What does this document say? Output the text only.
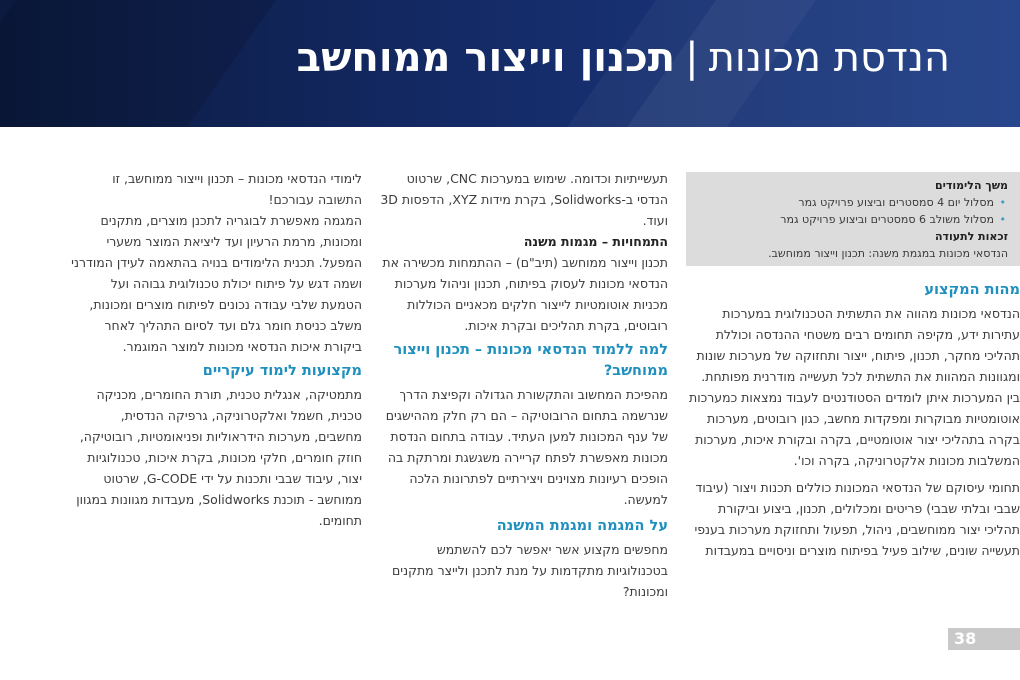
הנדסת מכונות|תכנון וייצור ממוחשב
משך הלימודים
• מסלול יום 4 סמסטרים וביצוע פרויקט גמר
• מסלול משולב 6 סמסטרים וביצוע פרויקט גמר
זכאות לתעודה
הנדסאי מכונות במגמת משנה: תכנון וייצור ממוחשב.
מהות המקצוע

הנדסאי מכונות מהווה את התשתית הטכנולוגית במערכות עתירות ידע, מקיפה תחומים רבים משטחי ההנדסה וכוללת תהליכי מחקר, תכנון, פיתוח, ייצור ותחזוקה של מערכות שונות ומגוונות המהוות את התשתית לכל תעשייה מודרנית מפותחת. בין המערכות איתן לומדים הסטודנטים לעבוד נמצאות כמערכות אוטומטיות מבוקרות ומפקדות מחשב, כגון רובוטים, מערכות בקרה בתהליכי יצור אוטומטיים, בקרה ובקורת איכות, מערכות המשלבות מכונות אלקטרוניקה, בקרה וכו'.

תחומי עיסוקם של הנדסאי המכונות כוללים תכנות ויצור (עיבוד שבבי ובלתי שבבי) פריטים ומכלולים, תכנון, ביצוע וביקורת תהליכי יצור ממוחשבים, ניהול, תפעול ותחזוקת מערכות בענפי תעשייה שונים, שילוב פעיל בפיתוח מוצרים וניסויים במעבדות

תעשייתיות וכדומה. שימוש במערכות CNC, שרטוט הנדסי ב-Solidworks, בקרת מידות XYZ, הדפסות 3D ועוד.

התמחויות – מגמות משנה

תכנון וייצור ממוחשב (תיב"ם) – ההתמחות מכשירה את הנדסאי מכונות לעסוק בפיתוח, תכנון וניהול מערכות מכניות אוטומטיות לייצור חלקים מכאניים הכוללות רובוטים, בקרת תהליכים ובקרת איכות.

למה ללמוד הנדסאי מכונות – תכנון וייצור ממוחשב?

מהפיכת המחשוב והתקשורת הגדולה וקפיצת הדרך שנרשמה בתחום הרובוטיקה – הם רק חלק מההישגים של ענף המכונות למען העתיד. עבודה בתחום הנדסת מכונות מאפשרת לפתח קריירה משגשגת ומרתקת בה הופכים רעיונות מצוינים ויצירתיים לפתרונות הלכה למעשה.

על המגמה ומגמת המשנה

מחפשים מקצוע אשר יאפשר לכם להשתמש בטכנולוגיות מתקדמות על מנת לתכנן ולייצר מתקנים ומכונות?

לימודי הנדסאי מכונות – תכנון וייצור ממוחשב, זו התשובה עבורכם!

המגמה מאפשרת לבוגריה לתכנן מוצרים, מתקנים ומכונות, מרמת הרעיון ועד ליציאת המוצר משערי המפעל. תכנית הלימודים בנויה בהתאמה לעידן המודרני ושמה דגש על פיתוח יכולת טכנולוגית גבוהה ועל הטמעת שלבי עבודה נכונים לפיתוח מוצרים ומכונות, משלב כניסת חומר גלם ועד לסיום התהליך לאחר ביקורת איכות הנדסאי מכונות למוצר המוגמר.

מקצועות לימוד עיקריים

מתמטיקה, אנגלית טכנית, תורת החומרים, מכניקה טכנית, חשמל ואלקטרוניקה, גרפיקה הנדסית, מחשבים, מערכות הידראוליות ופניאומטיות, רובוטיקה, חוזק חומרים, חלקי מכונות, בקרת איכות, טכנולוגיות יצור, עיבוד שבבי ותכנות על ידי G-CODE, שרטוט ממוחשב - תוכנת Solidworks, מעבדות מגוונות במגוון תחומים.

38
